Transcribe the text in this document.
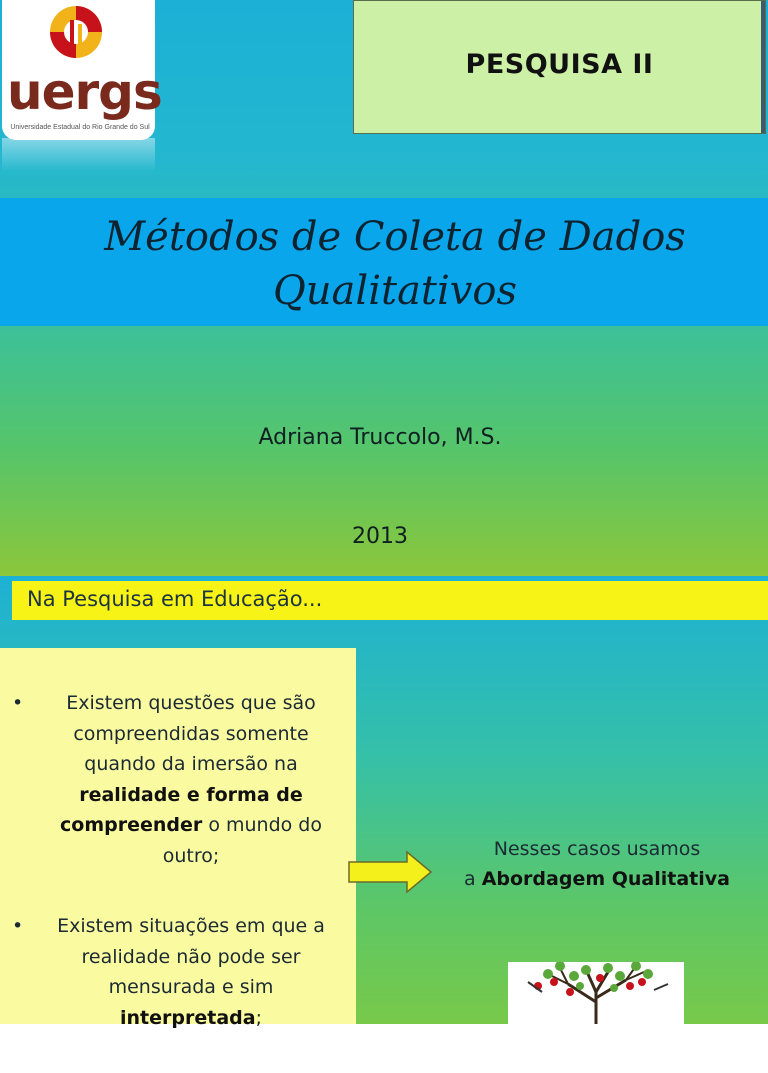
uergs
Universidade Estadual do Rio Grande do Sul
PESQUISA II
Métodos de Coleta de Dados
Qualitativos
Adriana Truccolo, M.S.
2013
Na Pesquisa em Educação...
• Existem questões que são compreendidas somente quando da imersão na realidade e forma de compreender o mundo do outro;
• Existem situações em que a realidade não pode ser mensurada e sim interpretada;
Nesses casos usamos
a Abordagem Qualitativa
